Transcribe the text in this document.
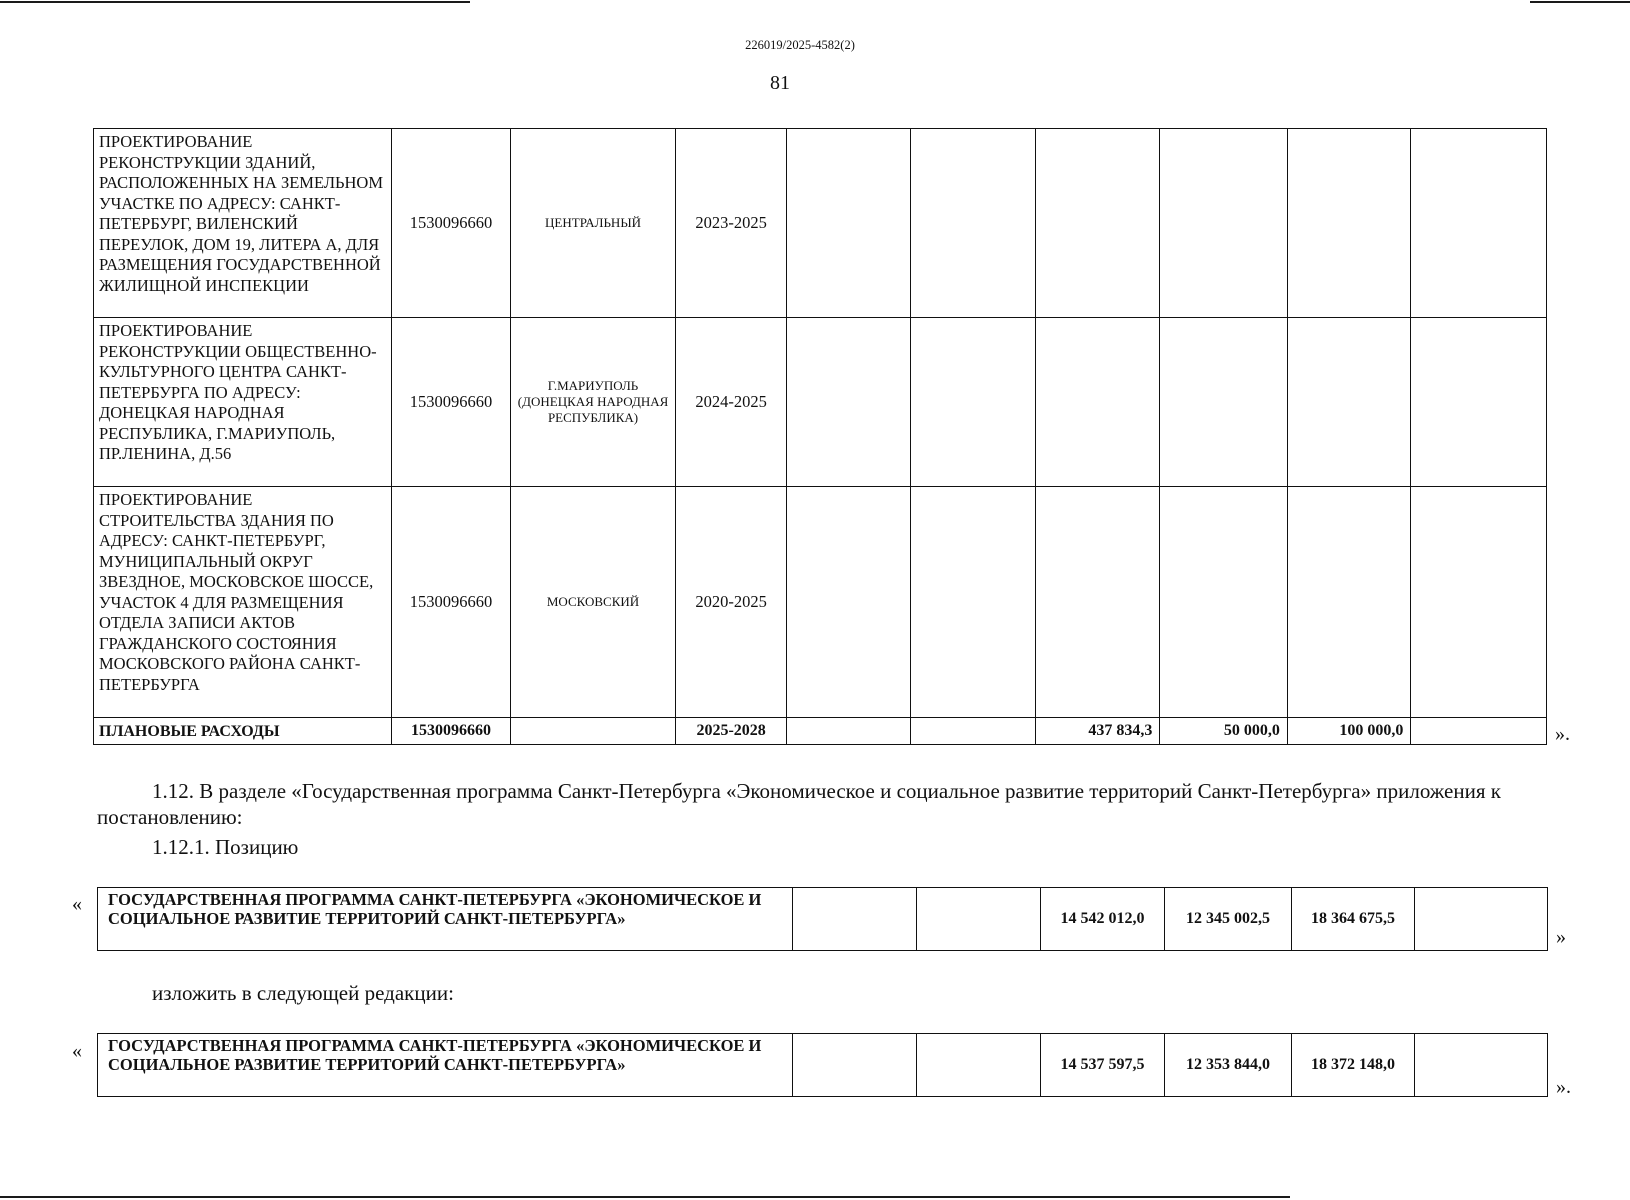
226019/2025-4582(2)
81
ПРОЕКТИРОВАНИЕ РЕКОНСТРУКЦИИ ЗДАНИЙ, РАСПОЛОЖЕННЫХ НА ЗЕМЕЛЬНОМ УЧАСТКЕ ПО АДРЕСУ: САНКТ-ПЕТЕРБУРГ, ВИЛЕНСКИЙ ПЕРЕУЛОК, ДОМ 19, ЛИТЕРА А, ДЛЯ РАЗМЕЩЕНИЯ ГОСУДАРСТВЕННОЙ ЖИЛИЩНОЙ ИНСПЕКЦИИ	1530096660	ЦЕНТРАЛЬНЫЙ	2023-2025						
ПРОЕКТИРОВАНИЕ РЕКОНСТРУКЦИИ ОБЩЕСТВЕННО-КУЛЬТУРНОГО ЦЕНТРА САНКТ-ПЕТЕРБУРГА ПО АДРЕСУ: ДОНЕЦКАЯ НАРОДНАЯ РЕСПУБЛИКА, Г.МАРИУПОЛЬ, ПР.ЛЕНИНА, Д.56	1530096660	Г.МАРИУПОЛЬ (ДОНЕЦКАЯ НАРОДНАЯ РЕСПУБЛИКА)	2024-2025						
ПРОЕКТИРОВАНИЕ СТРОИТЕЛЬСТВА ЗДАНИЯ ПО АДРЕСУ: САНКТ-ПЕТЕРБУРГ, МУНИЦИПАЛЬНЫЙ ОКРУГ ЗВЕЗДНОЕ, МОСКОВСКОЕ ШОССЕ, УЧАСТОК 4 ДЛЯ РАЗМЕЩЕНИЯ ОТДЕЛА ЗАПИСИ АКТОВ ГРАЖДАНСКОГО СОСТОЯНИЯ МОСКОВСКОГО РАЙОНА САНКТ-ПЕТЕРБУРГА	1530096660	МОСКОВСКИЙ	2020-2025						
ПЛАНОВЫЕ РАСХОДЫ	1530096660		2025-2028			437 834,3	50 000,0	100 000,0		».
1.12. В разделе «Государственная программа Санкт-Петербурга «Экономическое и социальное развитие территорий Санкт-Петербурга» приложения к постановлению:
1.12.1. Позицию
« ГОСУДАРСТВЕННАЯ ПРОГРАММА САНКТ-ПЕТЕРБУРГА «ЭКОНОМИЧЕСКОЕ И СОЦИАЛЬНОЕ РАЗВИТИЕ ТЕРРИТОРИЙ САНКТ-ПЕТЕРБУРГА»			14 542 012,0	12 345 002,5	18 364 675,5	
»
изложить в следующей редакции:
« ГОСУДАРСТВЕННАЯ ПРОГРАММА САНКТ-ПЕТЕРБУРГА «ЭКОНОМИЧЕСКОЕ И СОЦИАЛЬНОЕ РАЗВИТИЕ ТЕРРИТОРИЙ САНКТ-ПЕТЕРБУРГА»			14 537 597,5	12 353 844,0	18 372 148,0	
».
